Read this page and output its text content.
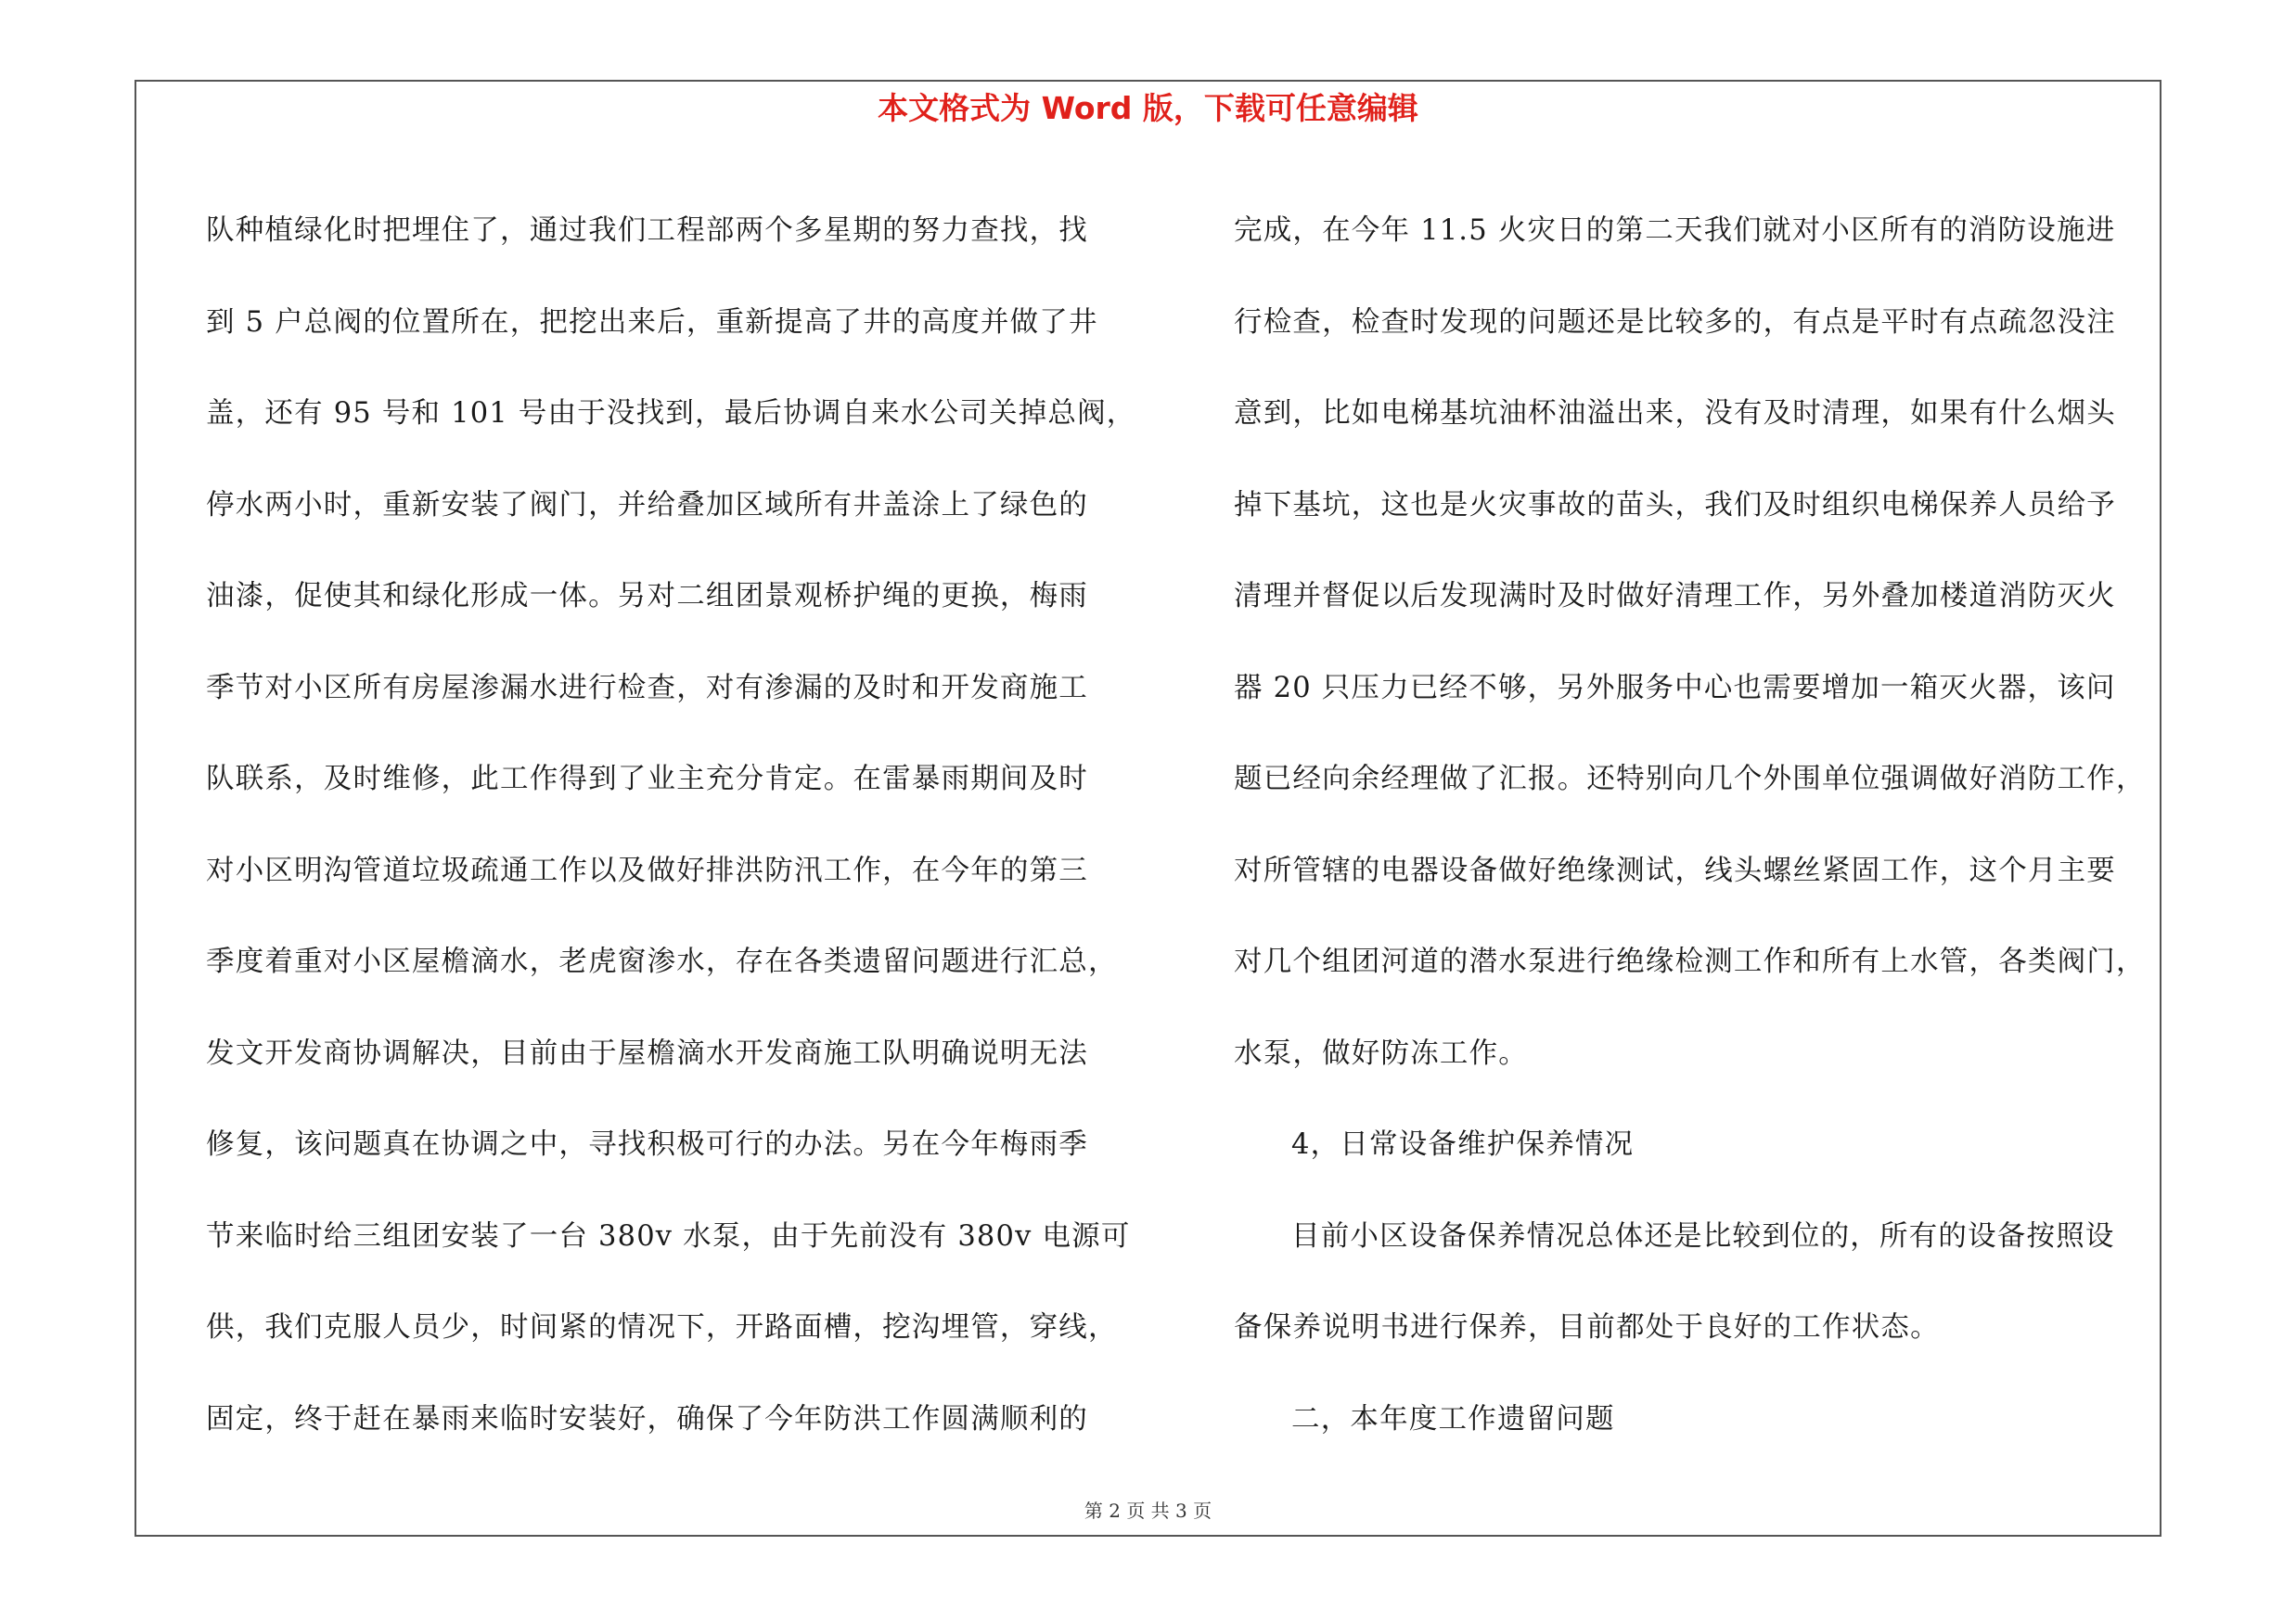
本文格式为 Word 版，下载可任意编辑
队种植绿化时把埋住了，通过我们工程部两个多星期的努力查找，找
到 5 户总阀的位置所在，把挖出来后，重新提高了井的高度并做了井
盖，还有 95 号和 101 号由于没找到，最后协调自来水公司关掉总阀，
停水两小时，重新安装了阀门，并给叠加区域所有井盖涂上了绿色的
油漆，促使其和绿化形成一体。另对二组团景观桥护绳的更换，梅雨
季节对小区所有房屋渗漏水进行检查，对有渗漏的及时和开发商施工
队联系，及时维修，此工作得到了业主充分肯定。在雷暴雨期间及时
对小区明沟管道垃圾疏通工作以及做好排洪防汛工作，在今年的第三
季度着重对小区屋檐滴水，老虎窗渗水，存在各类遗留问题进行汇总，
发文开发商协调解决，目前由于屋檐滴水开发商施工队明确说明无法
修复，该问题真在协调之中，寻找积极可行的办法。另在今年梅雨季
节来临时给三组团安装了一台 380v 水泵，由于先前没有 380v 电源可
供，我们克服人员少，时间紧的情况下，开路面槽，挖沟埋管，穿线，
固定，终于赶在暴雨来临时安装好，确保了今年防洪工作圆满顺利的
完成，在今年 11.5 火灾日的第二天我们就对小区所有的消防设施进
行检查，检查时发现的问题还是比较多的，有点是平时有点疏忽没注
意到，比如电梯基坑油杯油溢出来，没有及时清理，如果有什么烟头
掉下基坑，这也是火灾事故的苗头，我们及时组织电梯保养人员给予
清理并督促以后发现满时及时做好清理工作，另外叠加楼道消防灭火
器 20 只压力已经不够，另外服务中心也需要增加一箱灭火器，该问
题已经向余经理做了汇报。还特别向几个外围单位强调做好消防工作，
对所管辖的电器设备做好绝缘测试，线头螺丝紧固工作，这个月主要
对几个组团河道的潜水泵进行绝缘检测工作和所有上水管，各类阀门，
水泵，做好防冻工作。
4，日常设备维护保养情况
目前小区设备保养情况总体还是比较到位的，所有的设备按照设
备保养说明书进行保养，目前都处于良好的工作状态。
二，本年度工作遗留问题
第 2 页 共 3 页
